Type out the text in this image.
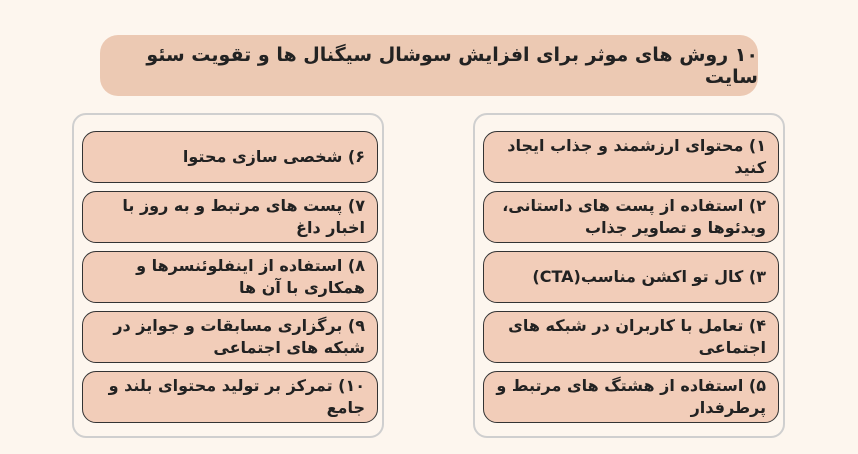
۱۰ روش های موثر برای افزایش سوشال سیگنال ها و تقویت سئو سایت
۱) محتوای ارزشمند و جذاب ایجاد کنید
۲) استفاده از پست های داستانی، ویدئوها و تصاویر جذاب
۳) کال تو اکشن مناسب(CTA)
۴) تعامل با کاربران در شبکه های اجتماعی
۵) استفاده از هشتگ های مرتبط و پرطرفدار
۶) شخصی سازی محتوا
۷) پست های مرتبط و به روز با اخبار داغ
۸) استفاده از اینفلوئنسرها و همکاری با آن ها
۹) برگزاری مسابقات و جوایز در شبکه های اجتماعی
۱۰) تمرکز بر تولید محتوای بلند و جامع
